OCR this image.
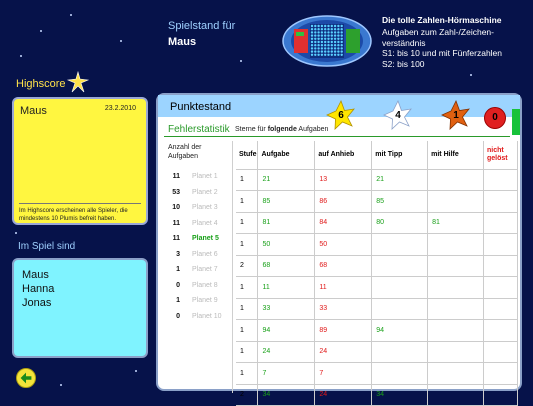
Spielstand für
Maus
Die tolle Zahlen-Hörmaschine
Aufgaben zum Zahl-/Zeichen-verständnis
S1: bis 10 und mit Fünferzahlen
S2: bis 100
Highscore
Maus	23.2.2010
Im Highscore erscheinen alle Spieler, die mindestens 10 Plumis befreit haben.
Im Spiel sind
Maus
Hanna
Jonas
Punktestand
6	4	1	0
Fehlerstatistik Sterne für folgende Aufgaben
Anzahl der Aufgaben
11 Planet 1
53 Planet 2
10 Planet 3
11 Planet 4
11 Planet 5
3 Planet 6
1 Planet 7
0 Planet 8
1 Planet 9
0 Planet 10
Stufe	Aufgabe	auf Anhieb	mit Tipp	mit Hilfe	nicht gelöst
1	21	13	21		
1	85	86	85		
1	81	84	80	81	
1	50	50			
2	68	68			
1	11	11			
1	33	33			
1	94	89	94		
1	24	24			
1	7	7			
2	34	24	34		
